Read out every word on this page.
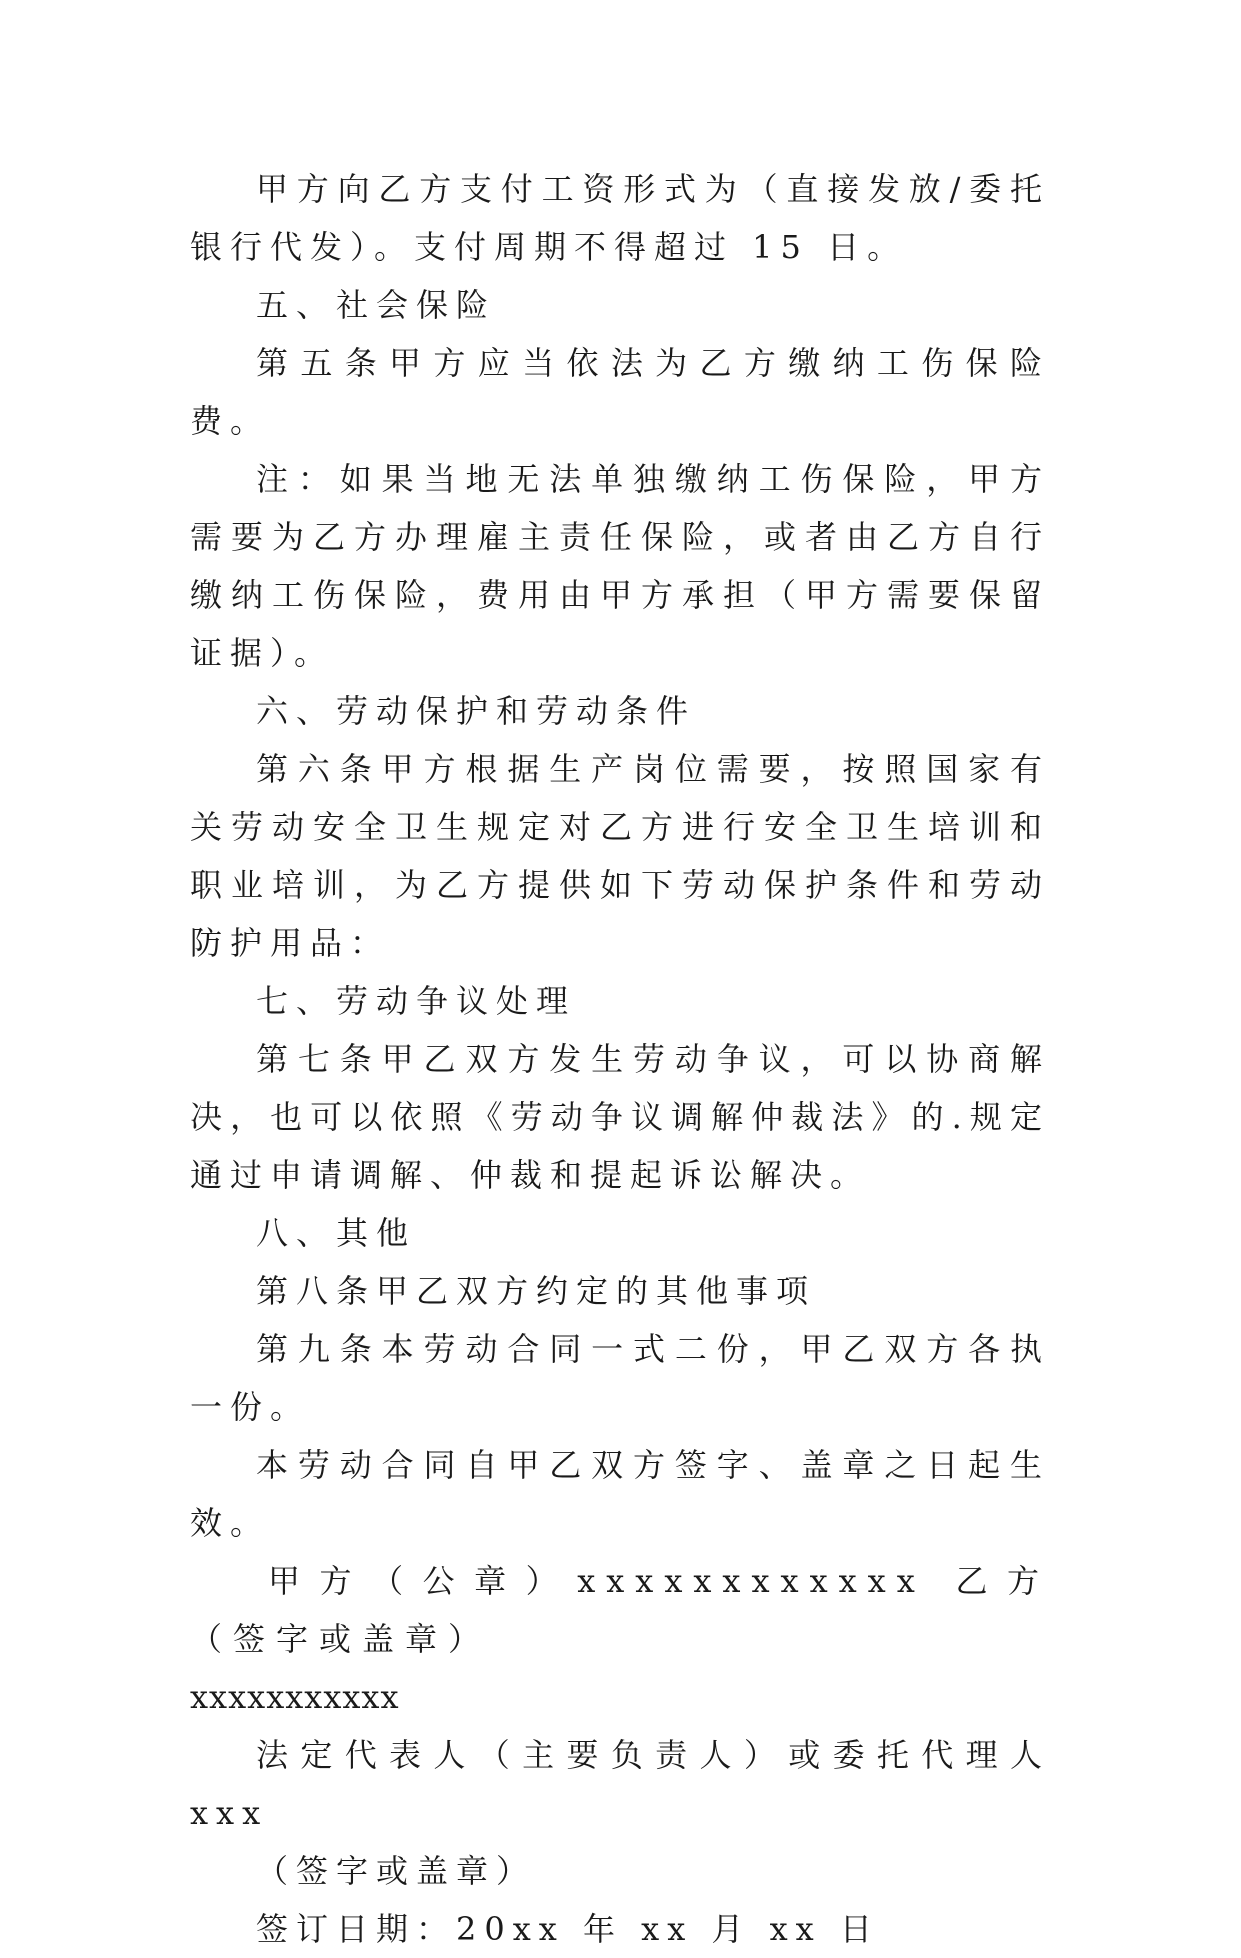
甲方向乙方支付工资形式为（直接发放/委托银行代发）。支付周期不得超过 15 日。

五、社会保险

第五条甲方应当依法为乙方缴纳工伤保险费。

注：如果当地无法单独缴纳工伤保险，甲方需要为乙方办理雇主责任保险，或者由乙方自行缴纳工伤保险，费用由甲方承担（甲方需要保留证据）。

六、劳动保护和劳动条件

第六条甲方根据生产岗位需要，按照国家有关劳动安全卫生规定对乙方进行安全卫生培训和职业培训，为乙方提供如下劳动保护条件和劳动防护用品：

七、劳动争议处理

第七条甲乙双方发生劳动争议，可以协商解决，也可以依照《劳动争议调解仲裁法》的.规定通过申请调解、仲裁和提起诉讼解决。

八、其他

第八条甲乙双方约定的其他事项

第九条本劳动合同一式二份，甲乙双方各执一份。

本劳动合同自甲乙双方签字、盖章之日起生效。

甲方（公章）xxxxxxxxxxxx 乙方（签字或盖章）

xxxxxxxxxxx

法定代表人（主要负责人）或委托代理人 xxx

（签字或盖章）

签订日期：20xx 年 xx 月 xx 日
